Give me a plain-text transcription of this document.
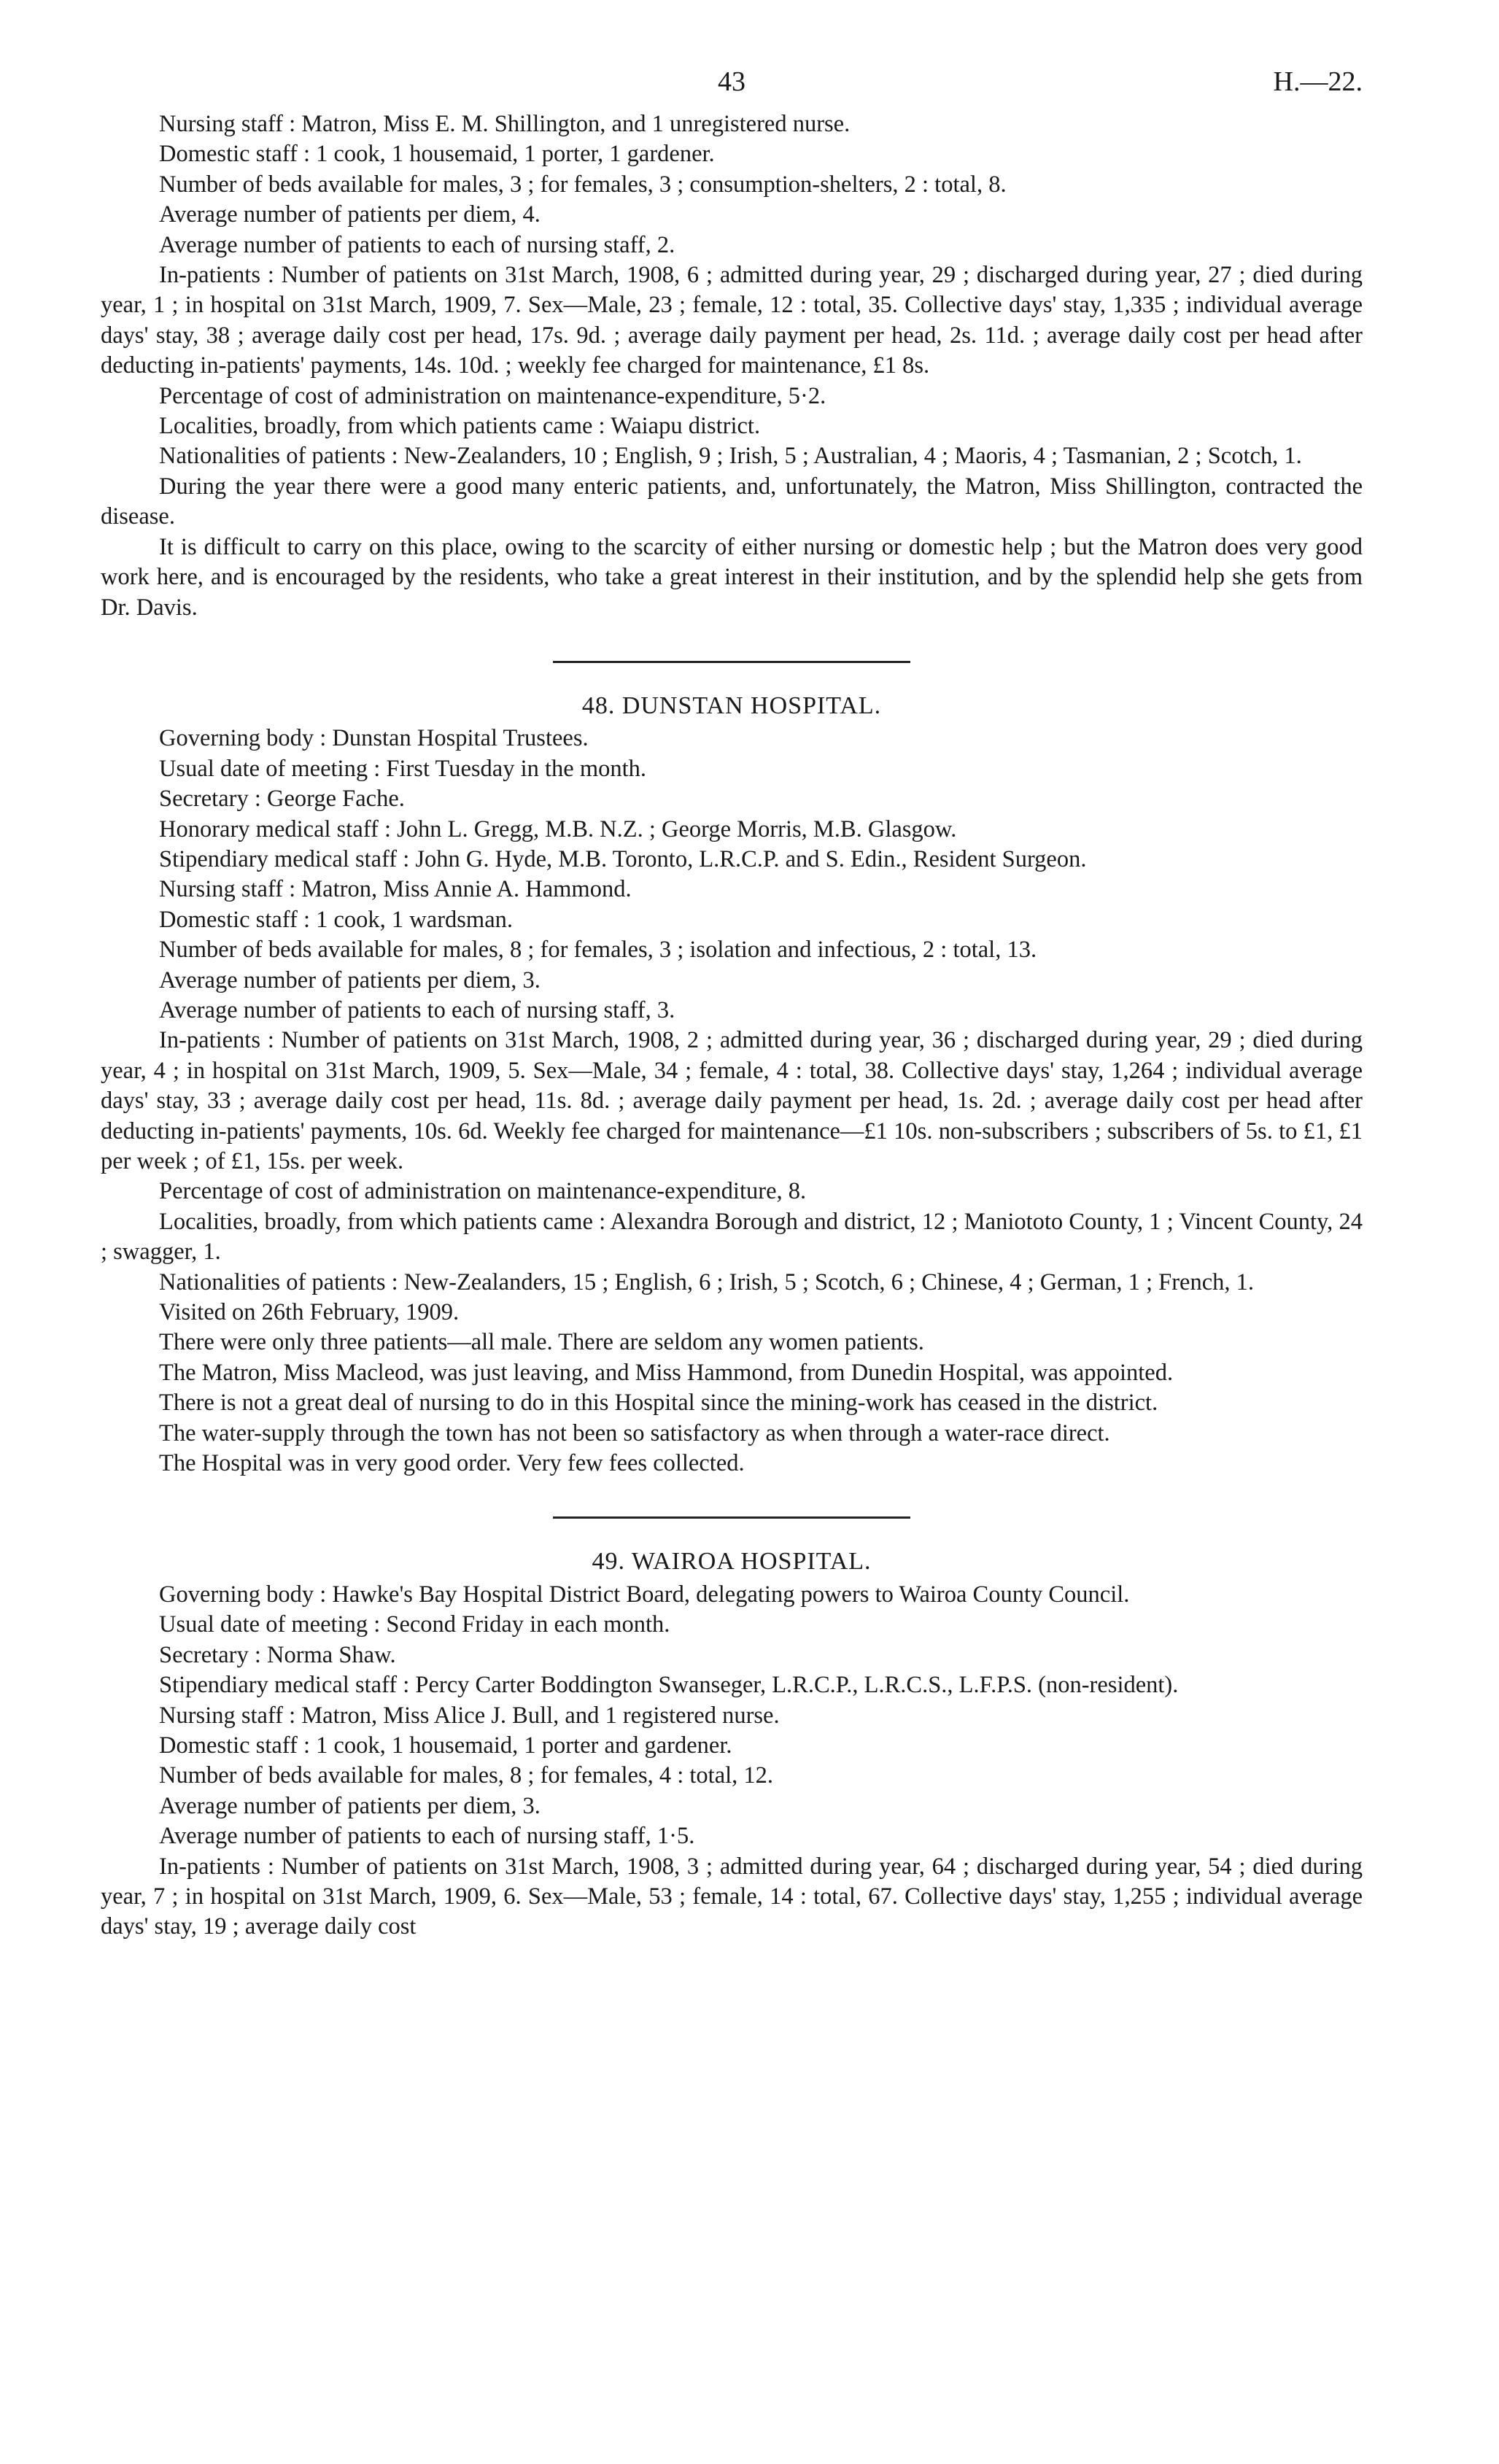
43	H.—22.

Nursing staff : Matron, Miss E. M. Shillington, and 1 unregistered nurse.

Domestic staff : 1 cook, 1 housemaid, 1 porter, 1 gardener.

Number of beds available for males, 3 ; for females, 3 ; consumption-shelters, 2 : total, 8.

Average number of patients per diem, 4.

Average number of patients to each of nursing staff, 2.

In-patients : Number of patients on 31st March, 1908, 6 ; admitted during year, 29 ; discharged during year, 27 ; died during year, 1 ; in hospital on 31st March, 1909, 7. Sex—Male, 23 ; female, 12 : total, 35. Collective days' stay, 1,335 ; individual average days' stay, 38 ; average daily cost per head, 17s. 9d. ; average daily payment per head, 2s. 11d. ; average daily cost per head after deducting in-patients' payments, 14s. 10d. ; weekly fee charged for maintenance, £1 8s.

Percentage of cost of administration on maintenance-expenditure, 5·2.

Localities, broadly, from which patients came : Waiapu district.

Nationalities of patients : New-Zealanders, 10 ; English, 9 ; Irish, 5 ; Australian, 4 ; Maoris, 4 ; Tasmanian, 2 ; Scotch, 1.

During the year there were a good many enteric patients, and, unfortunately, the Matron, Miss Shillington, contracted the disease.

It is difficult to carry on this place, owing to the scarcity of either nursing or domestic help ; but the Matron does very good work here, and is encouraged by the residents, who take a great interest in their institution, and by the splendid help she gets from Dr. Davis.

48. DUNSTAN HOSPITAL.

Governing body : Dunstan Hospital Trustees.

Usual date of meeting : First Tuesday in the month.

Secretary : George Fache.

Honorary medical staff : John L. Gregg, M.B. N.Z. ; George Morris, M.B. Glasgow.

Stipendiary medical staff : John G. Hyde, M.B. Toronto, L.R.C.P. and S. Edin., Resident Surgeon.

Nursing staff : Matron, Miss Annie A. Hammond.

Domestic staff : 1 cook, 1 wardsman.

Number of beds available for males, 8 ; for females, 3 ; isolation and infectious, 2 : total, 13.

Average number of patients per diem, 3.

Average number of patients to each of nursing staff, 3.

In-patients : Number of patients on 31st March, 1908, 2 ; admitted during year, 36 ; discharged during year, 29 ; died during year, 4 ; in hospital on 31st March, 1909, 5. Sex—Male, 34 ; female, 4 : total, 38. Collective days' stay, 1,264 ; individual average days' stay, 33 ; average daily cost per head, 11s. 8d. ; average daily payment per head, 1s. 2d. ; average daily cost per head after deducting in-patients' payments, 10s. 6d. Weekly fee charged for maintenance—£1 10s. non-subscribers ; subscribers of 5s. to £1, £1 per week ; of £1, 15s. per week.

Percentage of cost of administration on maintenance-expenditure, 8.

Localities, broadly, from which patients came : Alexandra Borough and district, 12 ; Maniototo County, 1 ; Vincent County, 24 ; swagger, 1.

Nationalities of patients : New-Zealanders, 15 ; English, 6 ; Irish, 5 ; Scotch, 6 ; Chinese, 4 ; German, 1 ; French, 1.

Visited on 26th February, 1909.

There were only three patients—all male. There are seldom any women patients.

The Matron, Miss Macleod, was just leaving, and Miss Hammond, from Dunedin Hospital, was appointed.

There is not a great deal of nursing to do in this Hospital since the mining-work has ceased in the district.

The water-supply through the town has not been so satisfactory as when through a water-race direct.

The Hospital was in very good order. Very few fees collected.

49. WAIROA HOSPITAL.

Governing body : Hawke's Bay Hospital District Board, delegating powers to Wairoa County Council.

Usual date of meeting : Second Friday in each month.

Secretary : Norma Shaw.

Stipendiary medical staff : Percy Carter Boddington Swanseger, L.R.C.P., L.R.C.S., L.F.P.S. (non-resident).

Nursing staff : Matron, Miss Alice J. Bull, and 1 registered nurse.

Domestic staff : 1 cook, 1 housemaid, 1 porter and gardener.

Number of beds available for males, 8 ; for females, 4 : total, 12.

Average number of patients per diem, 3.

Average number of patients to each of nursing staff, 1·5.

In-patients : Number of patients on 31st March, 1908, 3 ; admitted during year, 64 ; discharged during year, 54 ; died during year, 7 ; in hospital on 31st March, 1909, 6. Sex—Male, 53 ; female, 14 : total, 67. Collective days' stay, 1,255 ; individual average days' stay, 19 ; average daily cost
